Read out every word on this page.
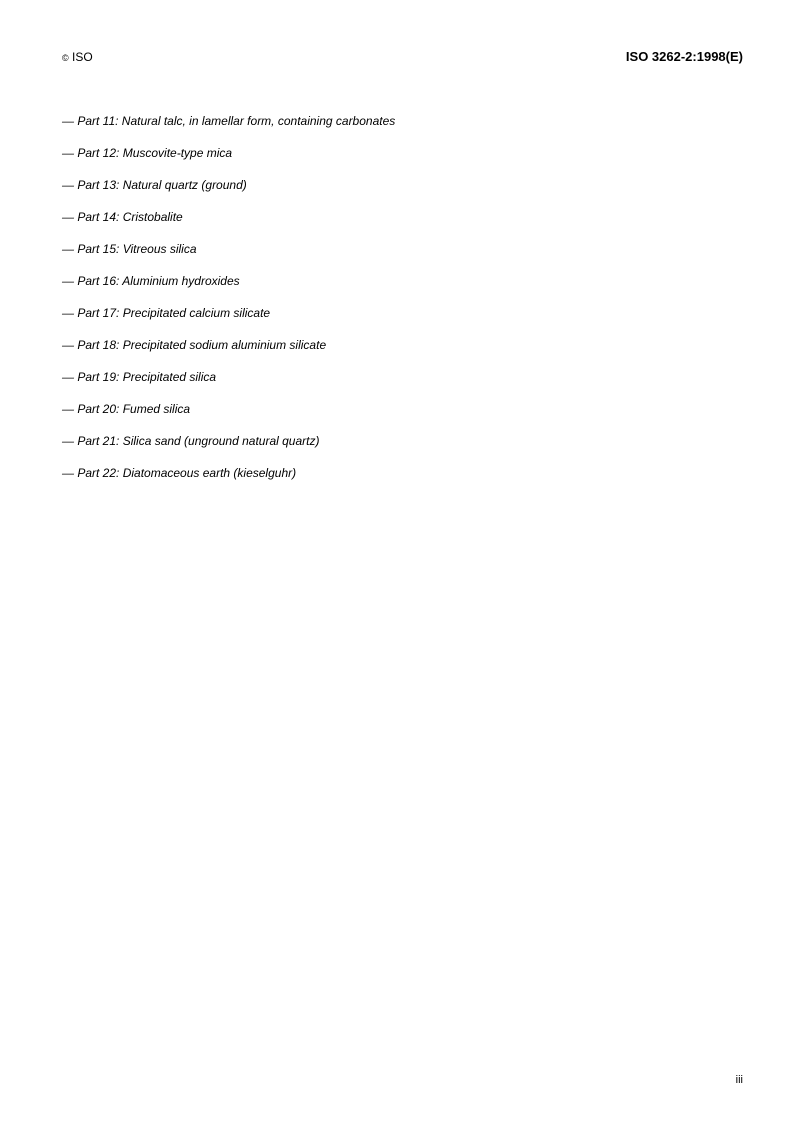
© ISO	ISO 3262-2:1998(E)
— Part 11: Natural talc, in lamellar form, containing carbonates
— Part 12: Muscovite-type mica
— Part 13: Natural quartz (ground)
— Part 14: Cristobalite
— Part 15: Vitreous silica
— Part 16: Aluminium hydroxides
— Part 17: Precipitated calcium silicate
— Part 18: Precipitated sodium aluminium silicate
— Part 19: Precipitated silica
— Part 20: Fumed silica
— Part 21: Silica sand (unground natural quartz)
— Part 22: Diatomaceous earth (kieselguhr)
iii
